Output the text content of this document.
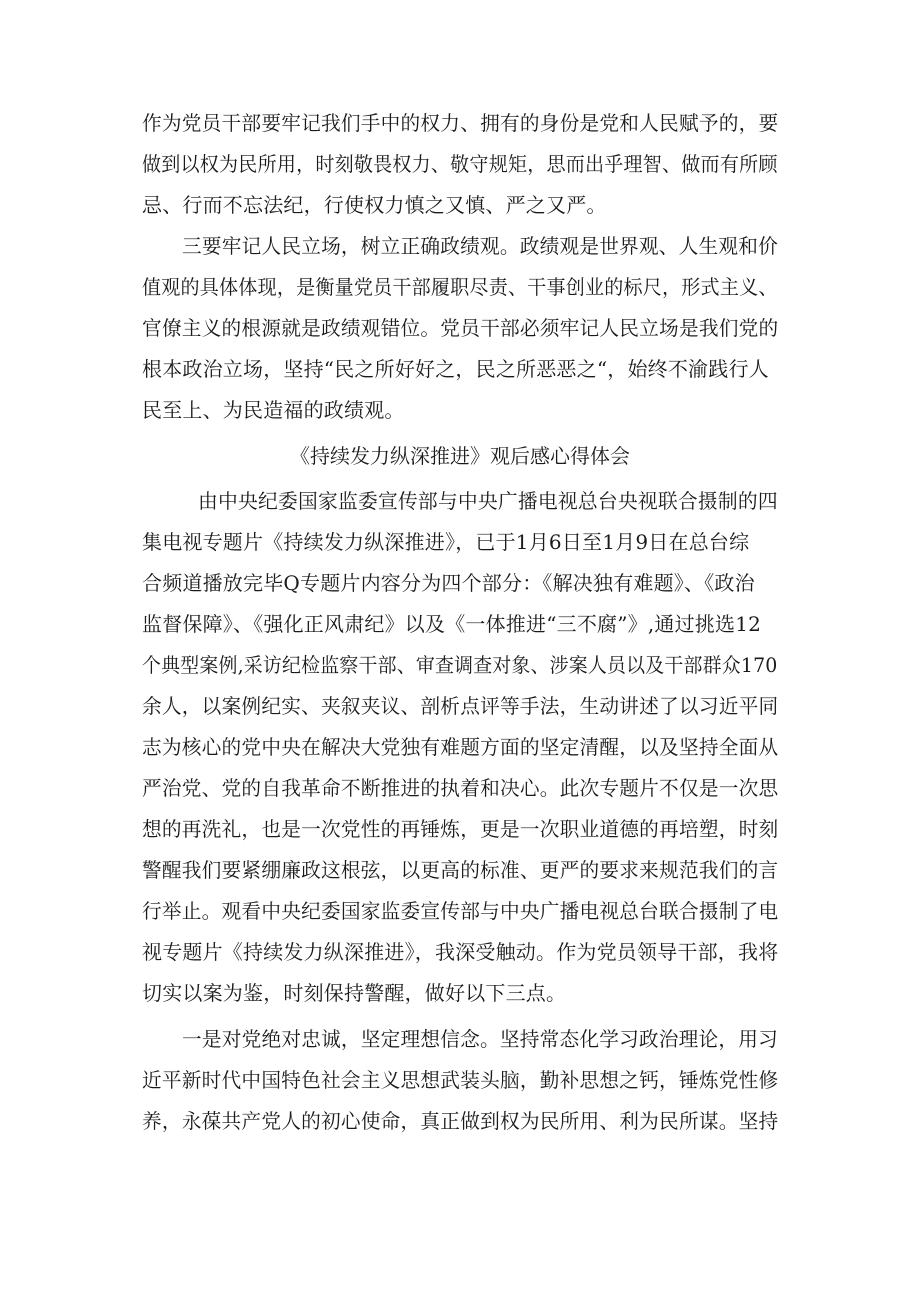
作为党员干部要牢记我们手中的权力、拥有的身份是党和人民赋予的，要
做到以权为民所用，时刻敬畏权力、敬守规矩，思而出乎理智、做而有所顾
忌、行而不忘法纪，行使权力慎之又慎、严之又严。
三要牢记人民立场，树立正确政绩观。政绩观是世界观、人生观和价
值观的具体体现，是衡量党员干部履职尽责、干事创业的标尺，形式主义、
官僚主义的根源就是政绩观错位。党员干部必须牢记人民立场是我们党的
根本政治立场，坚持“民之所好好之，民之所恶恶之“，始终不渝践行人
民至上、为民造福的政绩观。
《持续发力纵深推进》观后感心得体会
由中央纪委国家监委宣传部与中央广播电视总台央视联合摄制的四
集电视专题片《持续发力纵深推进》，已于1月6日至1月9日在总台综
合频道播放完毕Q专题片内容分为四个部分：《解决独有难题》、《政治
监督保障》、《强化正风肃纪》以及《一体推进“三不腐”》,通过挑选12
个典型案例,采访纪检监察干部、审查调查对象、涉案人员以及干部群众170
余人，以案例纪实、夹叙夹议、剖析点评等手法，生动讲述了以习近平同
志为核心的党中央在解决大党独有难题方面的坚定清醒，以及坚持全面从
严治党、党的自我革命不断推进的执着和决心。此次专题片不仅是一次思
想的再洗礼，也是一次党性的再锤炼，更是一次职业道德的再培塑，时刻
警醒我们要紧绷廉政这根弦，以更高的标准、更严的要求来规范我们的言
行举止。观看中央纪委国家监委宣传部与中央广播电视总台联合摄制了电
视专题片《持续发力纵深推进》，我深受触动。作为党员领导干部，我将
切实以案为鉴，时刻保持警醒，做好以下三点。
一是对党绝对忠诚，坚定理想信念。坚持常态化学习政治理论，用习
近平新时代中国特色社会主义思想武装头脑，勤补思想之钙，锤炼党性修
养，永葆共产党人的初心使命，真正做到权为民所用、利为民所谋。坚持
